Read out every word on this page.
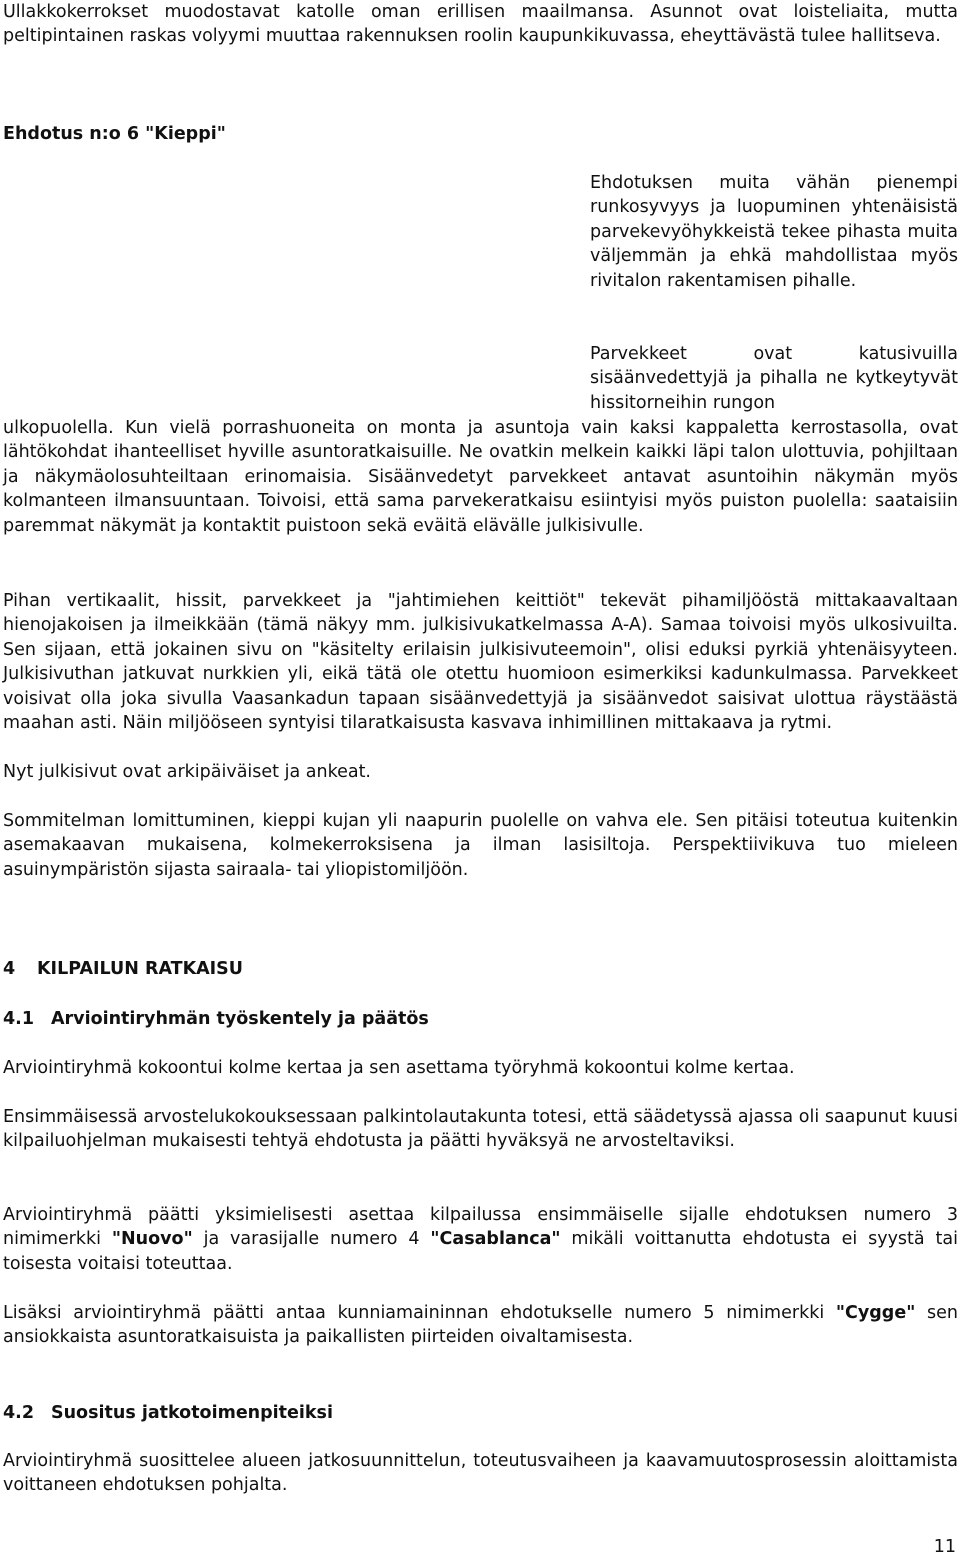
Ullakkokerrokset muodostavat katolle oman erillisen maailmansa. Asunnot ovat loisteliaita, mutta peltipintainen raskas volyymi muuttaa rakennuksen roolin kaupunkikuvassa, eheyttävästä tulee hallitseva.

Ehdotus n:o 6 "Kieppi"

Ehdotuksen muita vähän pienempi runkosyvyys ja luopuminen yhtenäisistä parvekevyöhykkeistä tekee pihasta muita väljemmän ja ehkä mahdollistaa myös rivitalon rakentamisen pihalle.

Parvekkeet ovat katusivuilla sisäänvedettyjä ja pihalla ne kytkeytyvät hissitorneihin rungon

ulkopuolella. Kun vielä porrashuoneita on monta ja asuntoja vain kaksi kappaletta kerrostasolla, ovat lähtökohdat ihanteelliset hyville asuntoratkaisuille. Ne ovatkin melkein kaikki läpi talon ulottuvia, pohjiltaan ja näkymäolosuhteiltaan erinomaisia. Sisäänvedetyt parvekkeet antavat asuntoihin näkymän myös kolmanteen ilmansuuntaan. Toivoisi, että sama parvekeratkaisu esiintyisi myös puiston puolella: saataisiin paremmat näkymät ja kontaktit puistoon sekä eväitä elävälle julkisivulle.

Pihan vertikaalit, hissit, parvekkeet ja "jahtimiehen keittiöt" tekevät pihamiljööstä mittakaavaltaan hienojakoisen ja ilmeikkään (tämä näkyy mm. julkisivukatkelmassa A-A). Samaa toivoisi myös ulkosivuilta. Sen sijaan, että jokainen sivu on "käsitelty erilaisin julkisivuteemoin", olisi eduksi pyrkiä yhtenäisyyteen. Julkisivuthan jatkuvat nurkkien yli, eikä tätä ole otettu huomioon esimerkiksi kadunkulmassa. Parvekkeet voisivat olla joka sivulla Vaasankadun tapaan sisäänvedettyjä ja sisäänvedot saisivat ulottua räystäästä maahan asti. Näin miljööseen syntyisi tilaratkaisusta kasvava inhimillinen mittakaava ja rytmi.

Nyt julkisivut ovat arkipäiväiset ja ankeat.

Sommitelman lomittuminen, kieppi kujan yli naapurin puolelle on vahva ele. Sen pitäisi toteutua kuitenkin asemakaavan mukaisena, kolmekerroksisena ja ilman lasisiltoja. Perspektiivikuva tuo mieleen asuinympäristön sijasta sairaala- tai yliopistomiljöön.

4 KILPAILUN RATKAISU

4.1 Arviointiryhmän työskentely ja päätös

Arviointiryhmä kokoontui kolme kertaa ja sen asettama työryhmä kokoontui kolme kertaa.

Ensimmäisessä arvostelukokouksessaan palkintolautakunta totesi, että säädetyssä ajassa oli saapunut kuusi kilpailuohjelman mukaisesti tehtyä ehdotusta ja päätti hyväksyä ne arvosteltaviksi.

Arviointiryhmä päätti yksimielisesti asettaa kilpailussa ensimmäiselle sijalle ehdotuksen numero 3 nimimerkki "Nuovo" ja varasijalle numero 4 "Casablanca" mikäli voittanutta ehdotusta ei syystä tai toisesta voitaisi toteuttaa.

Lisäksi arviointiryhmä päätti antaa kunniamaininnan ehdotukselle numero 5 nimimerkki "Cygge" sen ansiokkaista asuntoratkaisuista ja paikallisten piirteiden oivaltamisesta.

4.2 Suositus jatkotoimenpiteiksi

Arviointiryhmä suosittelee alueen jatkosuunnittelun, toteutusvaiheen ja kaavamuutosprosessin aloittamista voittaneen ehdotuksen pohjalta.

11
